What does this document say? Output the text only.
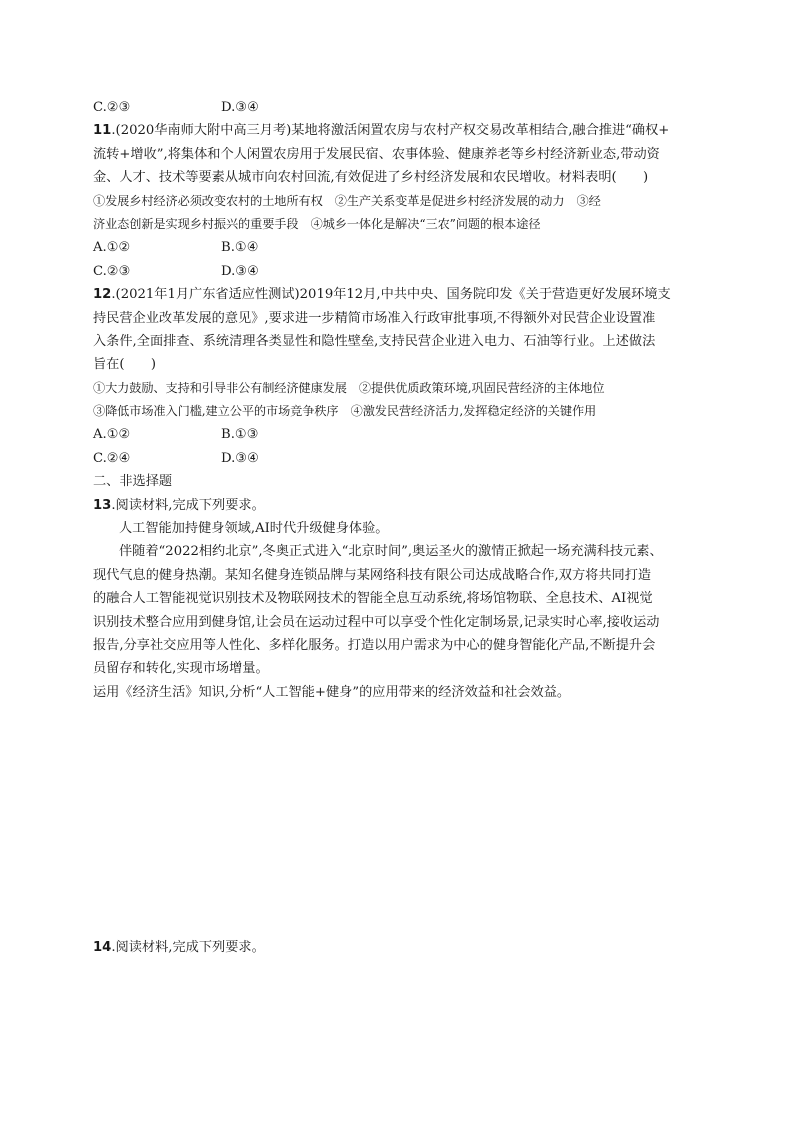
C.②③	D.③④
11.(2020华南师大附中高三月考)某地将激活闲置农房与农村产权交易改革相结合,融合推进“确权+
流转+增收”,将集体和个人闲置农房用于发展民宿、农事体验、健康养老等乡村经济新业态,带动资
金、人才、技术等要素从城市向农村回流,有效促进了乡村经济发展和农民增收。材料表明(　　)
①发展乡村经济必须改变农村的土地所有权　②生产关系变革是促进乡村经济发展的动力　③经
济业态创新是实现乡村振兴的重要手段　④城乡一体化是解决“三农”问题的根本途径
A.①②	B.①④
C.②③	D.③④
12.(2021年1月广东省适应性测试)2019年12月,中共中央、国务院印发《关于营造更好发展环境支
持民营企业改革发展的意见》,要求进一步精简市场准入行政审批事项,不得额外对民营企业设置准
入条件,全面排查、系统清理各类显性和隐性壁垒,支持民营企业进入电力、石油等行业。上述做法
旨在(　　)
①大力鼓励、支持和引导非公有制经济健康发展　②提供优质政策环境,巩固民营经济的主体地位
③降低市场准入门槛,建立公平的市场竞争秩序　④激发民营经济活力,发挥稳定经济的关键作用
A.①②	B.①③
C.②④	D.③④
二、非选择题
13.阅读材料,完成下列要求。
人工智能加持健身领域,AI时代升级健身体验。
伴随着“2022相约北京”,冬奥正式进入“北京时间”,奥运圣火的激情正掀起一场充满科技元素、
现代气息的健身热潮。某知名健身连锁品牌与某网络科技有限公司达成战略合作,双方将共同打造
的融合人工智能视觉识别技术及物联网技术的智能全息互动系统,将场馆物联、全息技术、AI视觉
识别技术整合应用到健身馆,让会员在运动过程中可以享受个性化定制场景,记录实时心率,接收运动
报告,分享社交应用等人性化、多样化服务。打造以用户需求为中心的健身智能化产品,不断提升会
员留存和转化,实现市场增量。
运用《经济生活》知识,分析“人工智能+健身”的应用带来的经济效益和社会效益。
14.阅读材料,完成下列要求。
